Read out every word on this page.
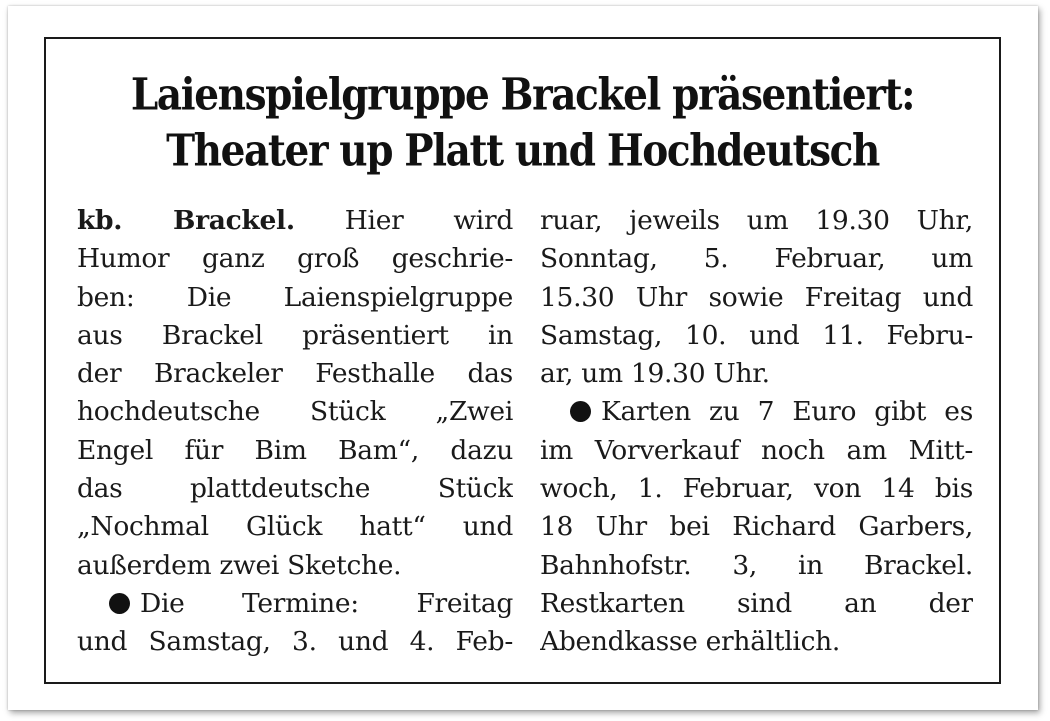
Laienspielgruppe Brackel präsentiert:
Theater up Platt und Hochdeutsch
kb. Brackel. Hier wird
Humor ganz groß geschrie-
ben: Die Laienspielgruppe
aus Brackel präsentiert in
der Brackeler Festhalle das
hochdeutsche Stück „Zwei
Engel für Bim Bam“, dazu
das plattdeutsche Stück
„Nochmal Glück hatt“ und
außerdem zwei Sketche.
Die Termine: Freitag
und Samstag, 3. und 4. Feb-
ruar, jeweils um 19.30 Uhr,
Sonntag, 5. Februar, um
15.30 Uhr sowie Freitag und
Samstag, 10. und 11. Febru-
ar, um 19.30 Uhr.
Karten zu 7 Euro gibt es
im Vorverkauf noch am Mitt-
woch, 1. Februar, von 14 bis
18 Uhr bei Richard Garbers,
Bahnhofstr. 3, in Brackel.
Restkarten sind an der
Abendkasse erhältlich.
